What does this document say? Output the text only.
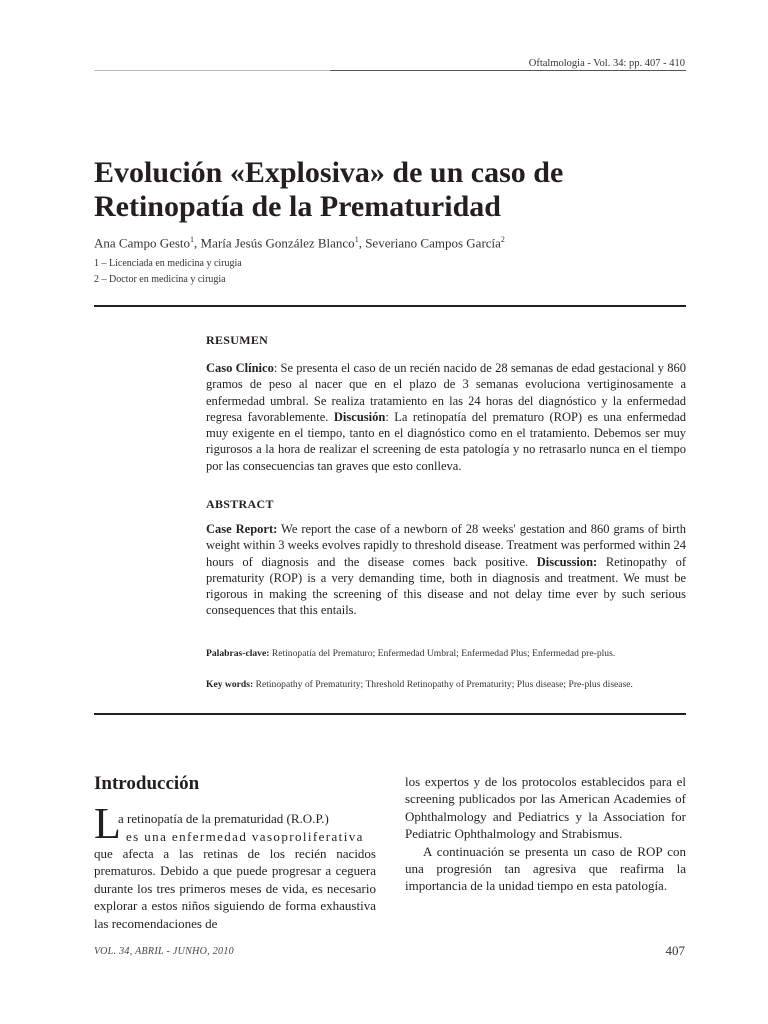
Oftalmologia - Vol. 34: pp. 407 - 410
Evolución «Explosiva» de un caso de
Retinopatía de la Prematuridad
Ana Campo Gesto$^1$, María Jesús González Blanco$^1$, Severiano Campos García$^2$
1 – Licenciada en medicina y cirugia
2 – Doctor en medicina y cirugia
RESUMEN
Caso Clínico: Se presenta el caso de un recién nacido de 28 semanas de edad gestacional y 860 gramos de peso al nacer que en el plazo de 3 semanas evoluciona vertiginosamente a enfermedad umbral. Se realiza tratamiento en las 24 horas del diagnóstico y la enfermedad regresa favorablemente. Discusión: La retinopatía del prematuro (ROP) es una enfermedad muy exigente en el tiempo, tanto en el diagnóstico como en el tratamiento. Debemos ser muy rigurosos a la hora de realizar el screening de esta patología y no retrasarlo nunca en el tiempo por las consecuencias tan graves que esto conlleva.
ABSTRACT
Case Report: We report the case of a newborn of 28 weeks' gestation and 860 grams of birth weight within 3 weeks evolves rapidly to threshold disease. Treatment was performed within 24 hours of diagnosis and the disease comes back positive. Discussion: Retinopathy of prematurity (ROP) is a very demanding time, both in diagnosis and treatment. We must be rigorous in making the screening of this disease and not delay time ever by such serious consequences that this entails.
Palabras-clave: Retinopatía del Prematuro; Enfermedad Umbral; Enfermedad Plus; Enfermedad pre-plus.
Key words: Retinopathy of Prematurity; Threshold Retinopathy of Prematurity; Plus disease; Pre-plus disease.
Introducción
L
a retinopatía de la prematuridad (R.O.P.)
es una enfermedad vasoproliferativa
que afecta a las retinas de los recién nacidos prematuros. Debido a que puede progresar a ceguera durante los tres primeros meses de vida, es necesario explorar a estos niños siguiendo de forma exhaustiva las recomendaciones de
los expertos y de los protocolos establecidos para el screening publicados por las American Academies of Ophthalmology and Pediatrics y la Association for Pediatric Ophthalmology and Strabismus.
A continuación se presenta un caso de ROP con una progresión tan agresiva que reafirma la importancia de la unidad tiempo en esta patología.
VOL. 34, ABRIL - JUNHO, 2010	407
